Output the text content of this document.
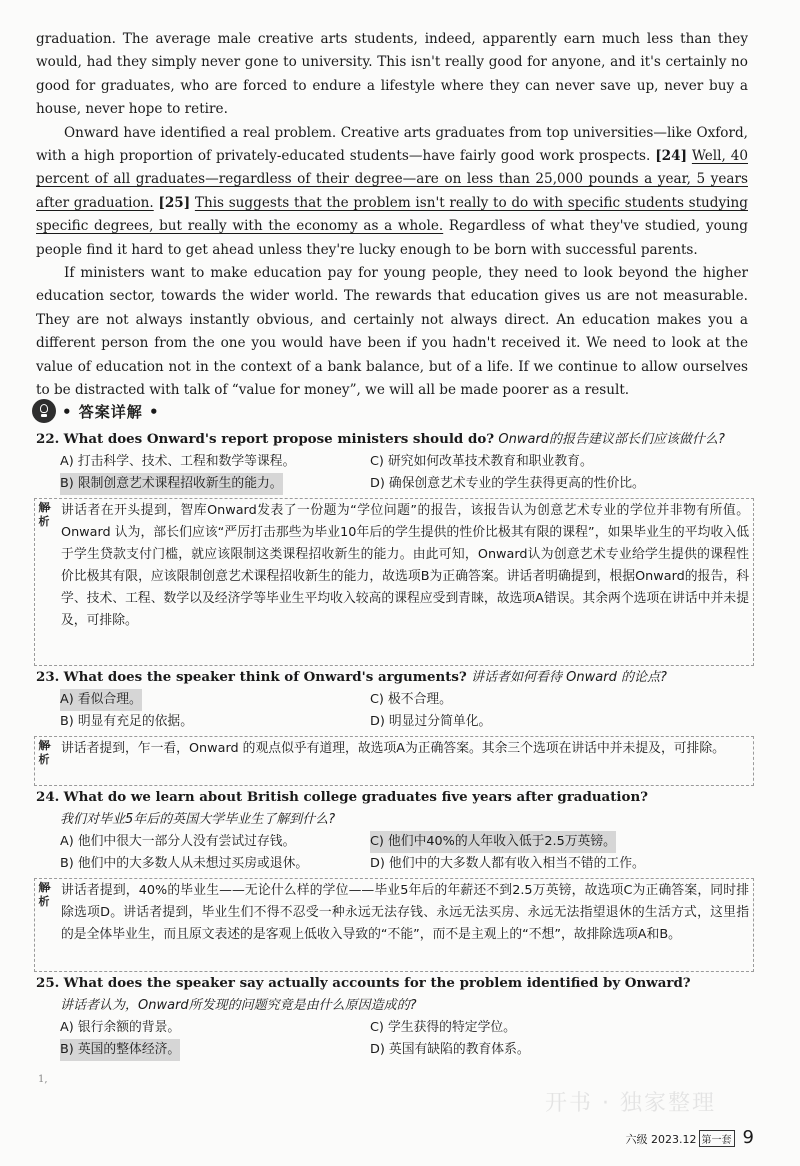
graduation. The average male creative arts students, indeed, apparently earn much less than they would, had they simply never gone to university. This isn't really good for anyone, and it's certainly no good for graduates, who are forced to endure a lifestyle where they can never save up, never buy a house, never hope to retire.

Onward have identified a real problem. Creative arts graduates from top universities—like Oxford, with a high proportion of privately-educated students—have fairly good work prospects. [24] Well, 40 percent of all graduates—regardless of their degree—are on less than 25,000 pounds a year, 5 years after graduation. [25] This suggests that the problem isn't really to do with specific students studying specific degrees, but really with the economy as a whole. Regardless of what they've studied, young people find it hard to get ahead unless they're lucky enough to be born with successful parents.

If ministers want to make education pay for young people, they need to look beyond the higher education sector, towards the wider world. The rewards that education gives us are not measurable. They are not always instantly obvious, and certainly not always direct. An education makes you a different person from the one you would have been if you hadn't received it. We need to look at the value of education not in the context of a bank balance, but of a life. If we continue to allow ourselves to be distracted with talk of “value for money”, we will all be made poorer as a result.

• 答案详解 •
22. What does Onward's report propose ministers should do? Onward的报告建议部长们应该做什么?
A) 打击科学、技术、工程和数学等课程。	C) 研究如何改革技术教育和职业教育。
B) 限制创意艺术课程招收新生的能力。	D) 确保创意艺术专业的学生获得更高的性价比。
解析 ✦
讲话者在开头提到，智库Onward发表了一份题为“学位问题”的报告，该报告认为创意艺术专业的学位并非物有所值。Onward 认为，部长们应该“严厉打击那些为毕业10年后的学生提供的性价比极其有限的课程”，如果毕业生的平均收入低于学生贷款支付门槛，就应该限制这类课程招收新生的能力。由此可知，Onward认为创意艺术专业给学生提供的课程性价比极其有限，应该限制创意艺术课程招收新生的能力，故选项B为正确答案。讲话者明确提到，根据Onward的报告，科学、技术、工程、数学以及经济学等毕业生平均收入较高的课程应受到青睐，故选项A错误。其余两个选项在讲话中并未提及，可排除。
23. What does the speaker think of Onward's arguments? 讲话者如何看待 Onward 的论点?
A) 看似合理。	C) 极不合理。
B) 明显有充足的依据。	D) 明显过分简单化。
解析 ✦
讲话者提到，乍一看，Onward 的观点似乎有道理，故选项A为正确答案。其余三个选项在讲话中并未提及，可排除。
24. What do we learn about British college graduates five years after graduation?
我们对毕业5年后的英国大学毕业生了解到什么?
A) 他们中很大一部分人没有尝试过存钱。	C) 他们中40%的人年收入低于2.5万英镑。
B) 他们中的大多数人从未想过买房或退休。	D) 他们中的大多数人都有收入相当不错的工作。
解析 ✦
讲话者提到，40%的毕业生——无论什么样的学位——毕业5年后的年薪还不到2.5万英镑，故选项C为正确答案，同时排除选项D。讲话者提到，毕业生们不得不忍受一种永远无法存钱、永远无法买房、永远无法指望退休的生活方式，这里指的是全体毕业生，而且原文表述的是客观上低收入导致的“不能”，而不是主观上的“不想”，故排除选项A和B。
25. What does the speaker say actually accounts for the problem identified by Onward?
讲话者认为，Onward所发现的问题究竟是由什么原因造成的?
A) 银行余额的背景。	C) 学生获得的特定学位。
B) 英国的整体经济。	D) 英国有缺陷的教育体系。
1,
开书 · 独家整理
六级 2023.12 第一套 9
